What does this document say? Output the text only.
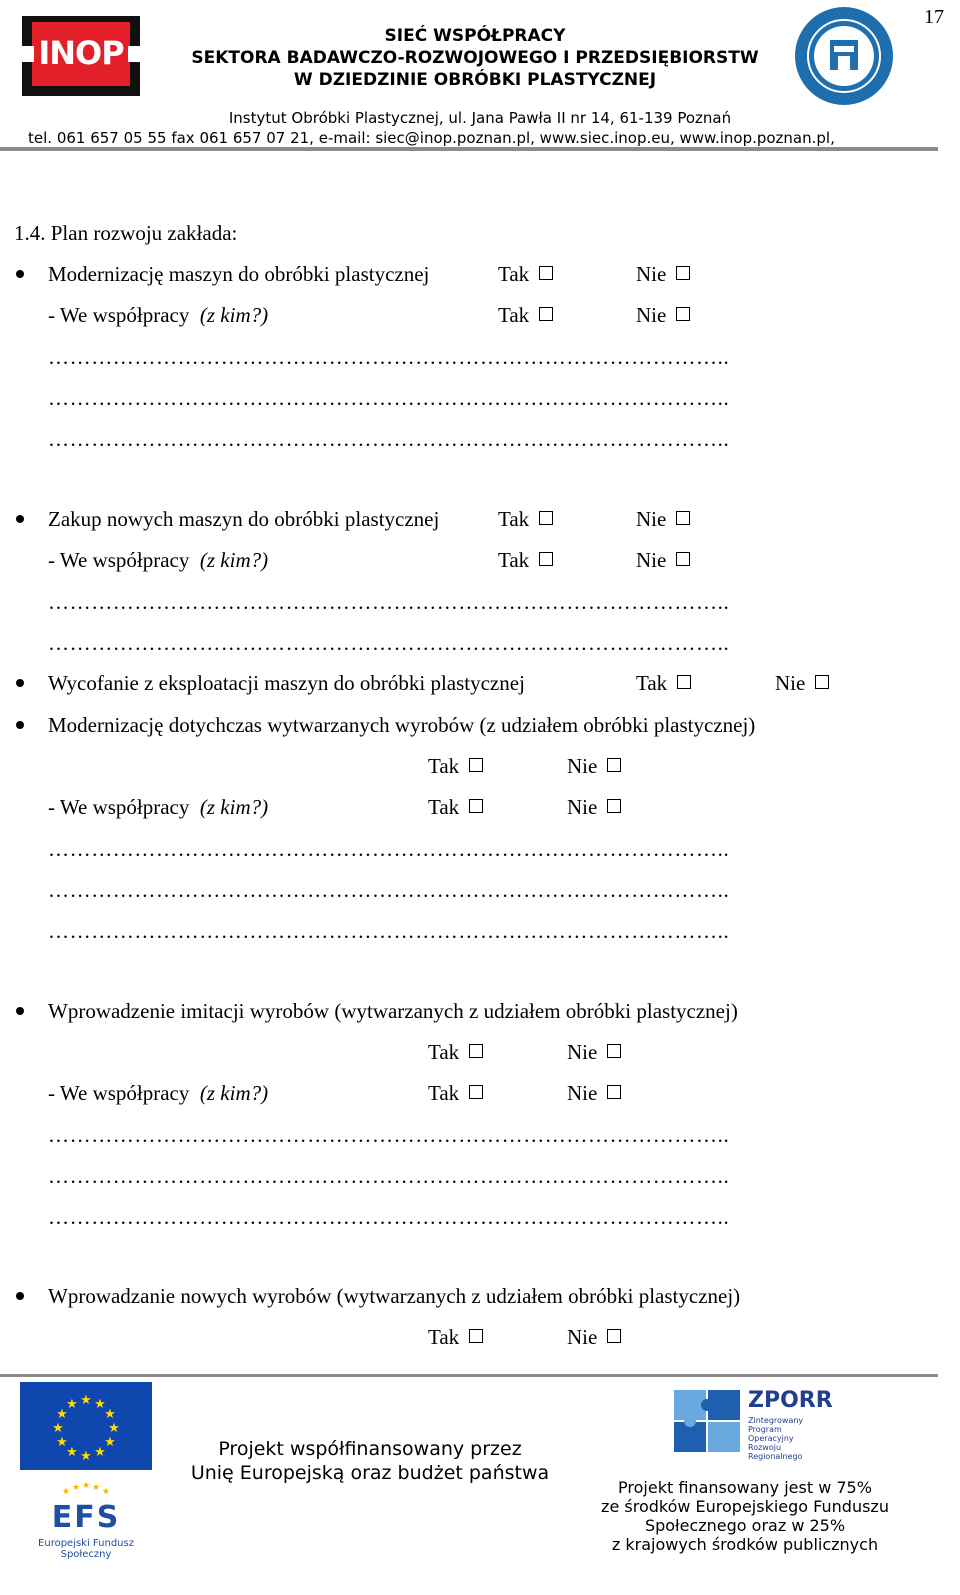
17
INOP	SIEĆ WSPÓŁPRACY
SEKTORA BADAWCZO-ROZWOJOWEGO I PRZEDSIĘBIORSTW
W DZIEDZINIE OBRÓBKI PLASTYCZNEJ
Instytut Obróbki Plastycznej, ul. Jana Pawła II nr 14, 61-139 Poznań
tel. 061 657 05 55 fax 061 657 07 21, e-mail: siec@inop.poznan.pl, www.siec.inop.eu, www.inop.poznan.pl,
1.4. Plan rozwoju zakłada:
Modernizację maszyn do obróbki plastycznej	Tak	Nie
- We współpracy (z kim?)	Tak	Nie
…………………………………………………………………………………..
…………………………………………………………………………………..
…………………………………………………………………………………..
Zakup nowych maszyn do obróbki plastycznej	Tak	Nie
- We współpracy (z kim?)	Tak	Nie
…………………………………………………………………………………..
…………………………………………………………………………………..
Wycofanie z eksploatacji maszyn do obróbki plastycznej	Tak	Nie
Modernizację dotychczas wytwarzanych wyrobów (z udziałem obróbki plastycznej)
Tak	Nie
- We współpracy (z kim?)	Tak	Nie
…………………………………………………………………………………..
…………………………………………………………………………………..
…………………………………………………………………………………..
Wprowadzenie imitacji wyrobów (wytwarzanych z udziałem obróbki plastycznej)
Tak	Nie
- We współpracy (z kim?)	Tak	Nie
…………………………………………………………………………………..
…………………………………………………………………………………..
…………………………………………………………………………………..
Wprowadzanie nowych wyrobów (wytwarzanych z udziałem obróbki plastycznej)
Tak	Nie
★ ★
★
★
★
★
★
★
★
★
★
★
★ ★ ★ ★ ★
EFS
Europejski Fundusz Społeczny
Projekt współfinansowany przez
Unię Europejską oraz budżet państwa
ZPORR
Zintegrowany Program Operacyjny Rozwoju Regionalnego
Projekt finansowany jest w 75%
ze środków Europejskiego Funduszu
Społecznego oraz w 25%
z krajowych środków publicznych
